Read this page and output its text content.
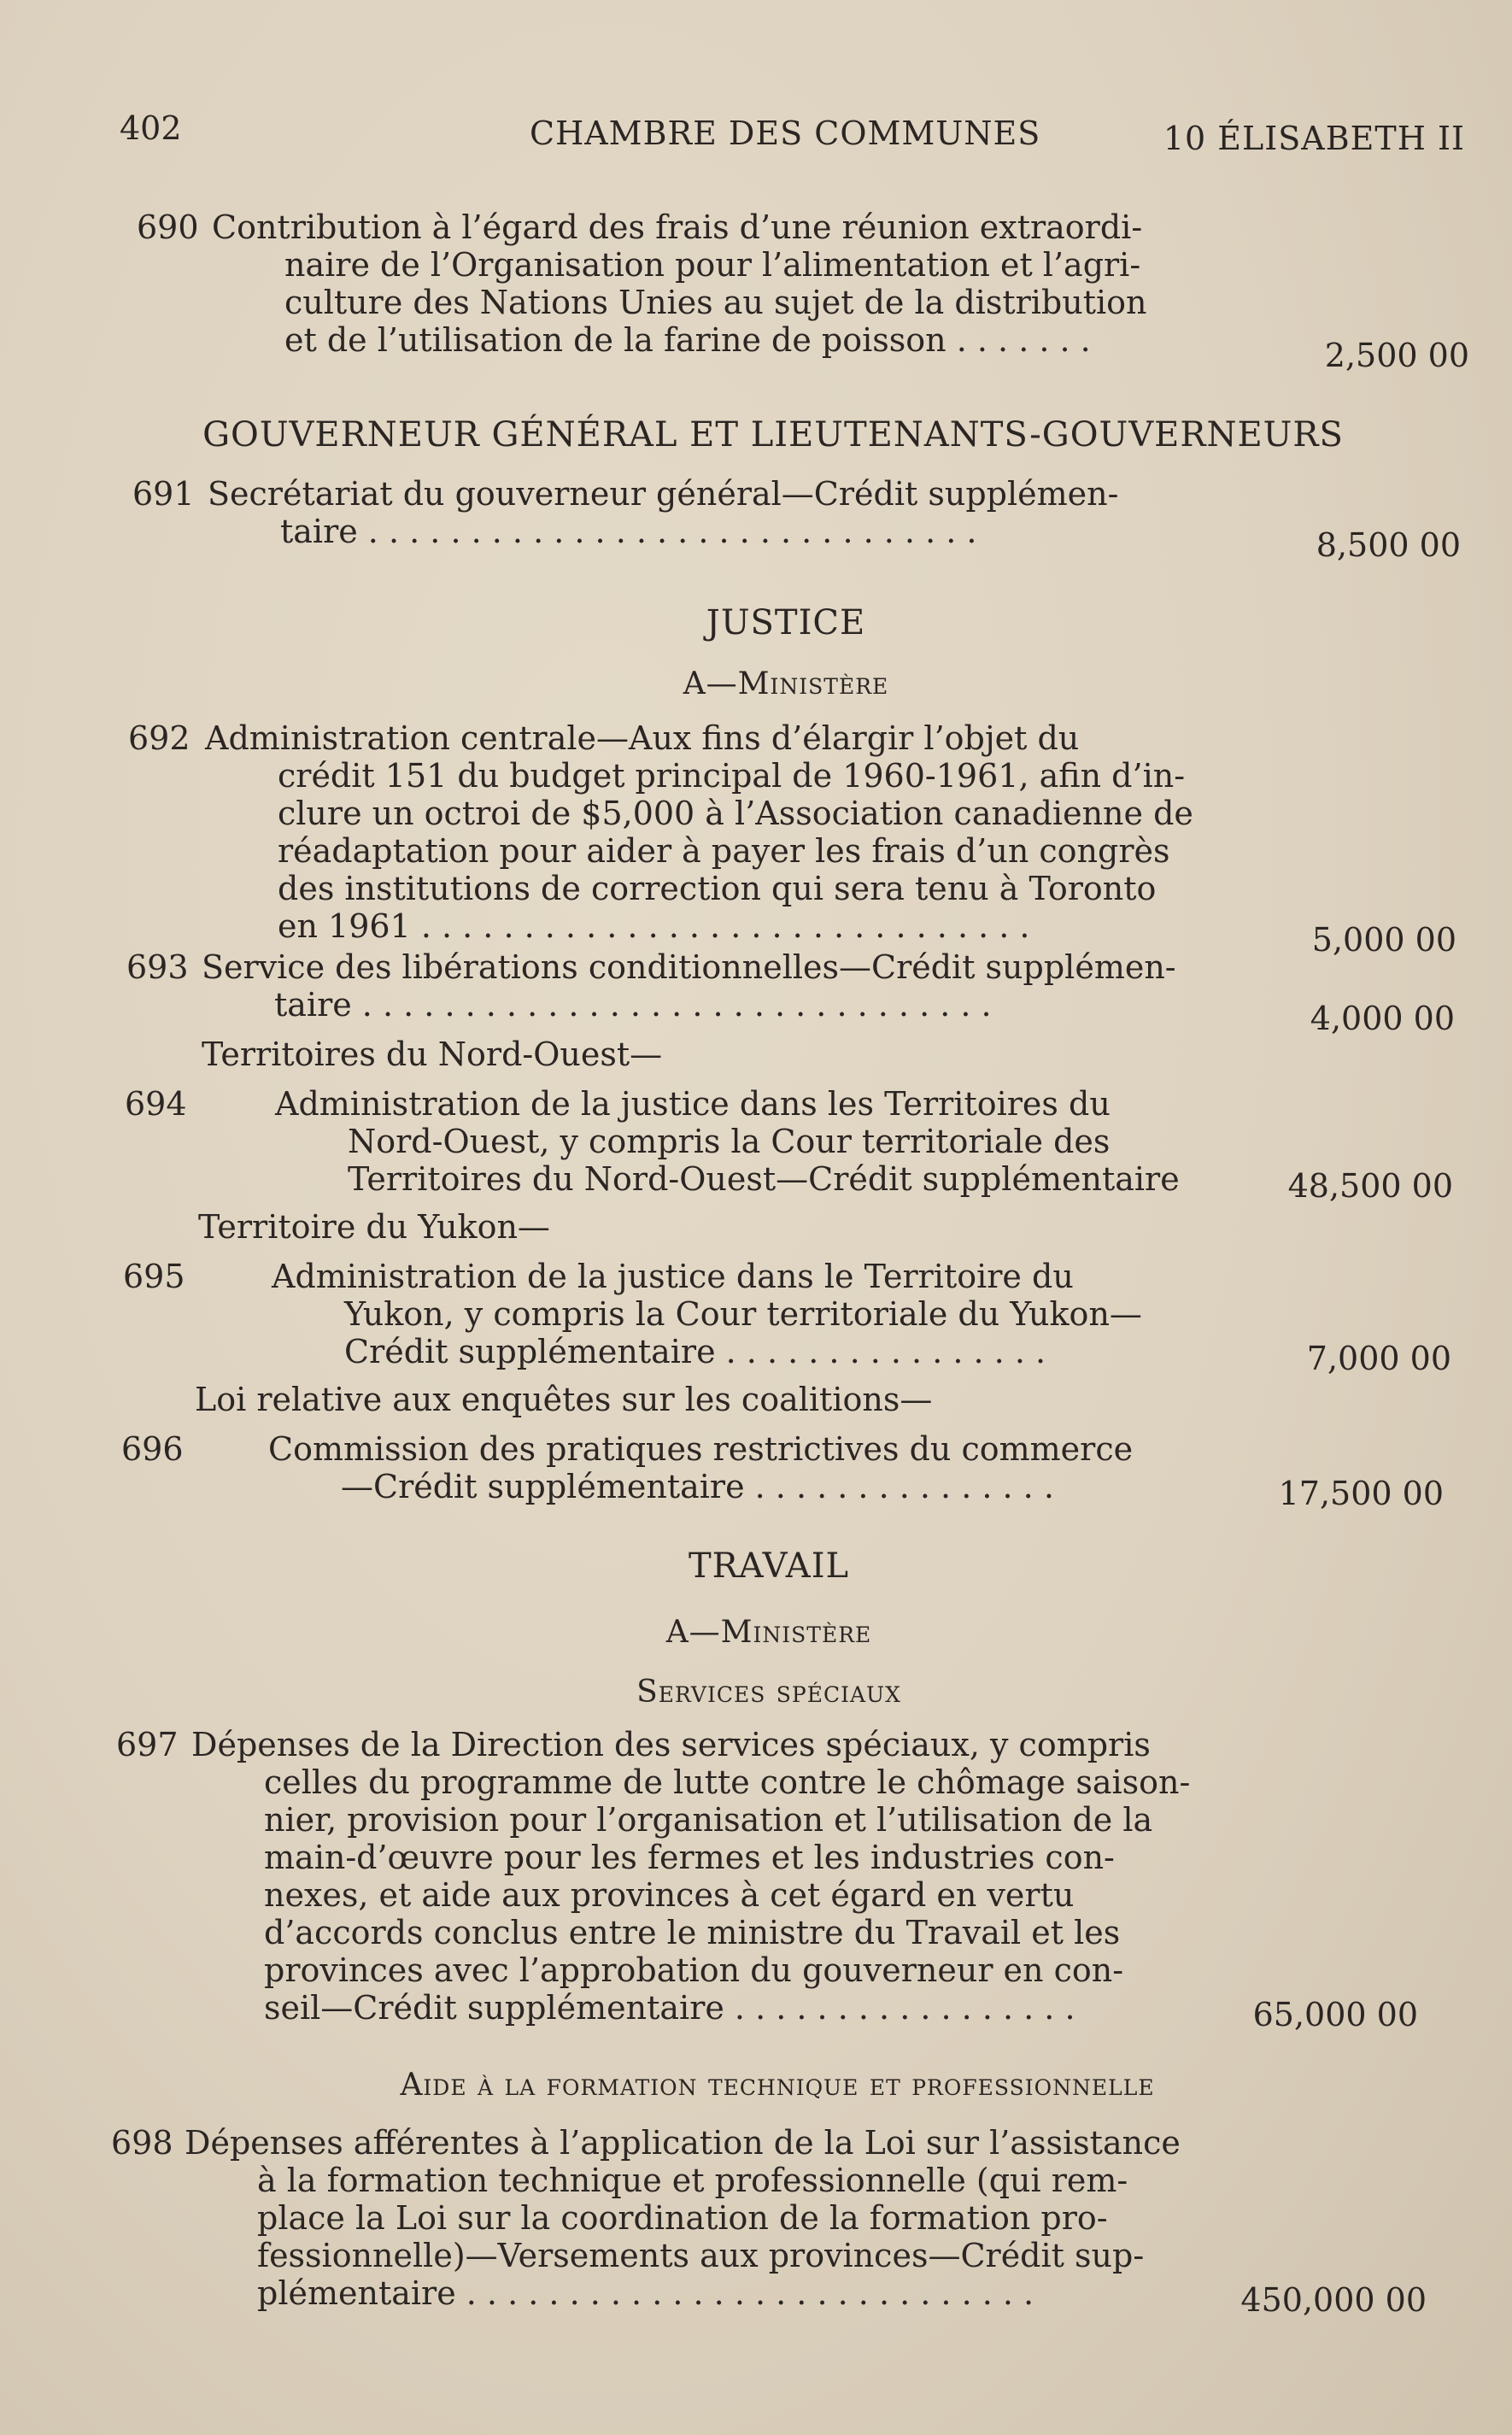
402	CHAMBRE DES COMMUNES	10 ÉLISABETH II
690 Contribution à l’égard des frais d’une réunion extraordi-
naire de l’Organisation pour l’alimentation et l’agri-
culture des Nations Unies au sujet de la distribution
et de l’utilisation de la farine de poisson . . . . . . .	2,500 00
GOUVERNEUR GÉNÉRAL ET LIEUTENANTS-GOUVERNEURS
691 Secrétariat du gouverneur général—Crédit supplémen-
taire . . . . . . . . . . . . . . . . . . . . . . . . . . . . . .	8,500 00
JUSTICE
A—Ministère
692 Administration centrale—Aux fins d’élargir l’objet du
crédit 151 du budget principal de 1960-1961, afin d’in-
clure un octroi de $5,000 à l’Association canadienne de
réadaptation pour aider à payer les frais d’un congrès
des institutions de correction qui sera tenu à Toronto
en 1961 . . . . . . . . . . . . . . . . . . . . . . . . . . . . . .	5,000 00
693 Service des libérations conditionnelles—Crédit supplémen-
taire . . . . . . . . . . . . . . . . . . . . . . . . . . . . . . .	4,000 00
Territoires du Nord-Ouest—
694	Administration de la justice dans les Territoires du
Nord-Ouest, y compris la Cour territoriale des
Territoires du Nord-Ouest—Crédit supplémentaire	48,500 00
Territoire du Yukon—
695	Administration de la justice dans le Territoire du
Yukon, y compris la Cour territoriale du Yukon—
Crédit supplémentaire . . . . . . . . . . . . . . . .	7,000 00
Loi relative aux enquêtes sur les coalitions—
696	Commission des pratiques restrictives du commerce
—Crédit supplémentaire . . . . . . . . . . . . . . .	17,500 00
TRAVAIL
A—Ministère
Services spéciaux
697 Dépenses de la Direction des services spéciaux, y compris
celles du programme de lutte contre le chômage saison-
nier, provision pour l’organisation et l’utilisation de la
main-d’œuvre pour les fermes et les industries con-
nexes, et aide aux provinces à cet égard en vertu
d’accords conclus entre le ministre du Travail et les
provinces avec l’approbation du gouverneur en con-
seil—Crédit supplémentaire . . . . . . . . . . . . . . . . .	65,000 00
Aide à la formation technique et professionnelle
698 Dépenses afférentes à l’application de la Loi sur l’assistance
à la formation technique et professionnelle (qui rem-
place la Loi sur la coordination de la formation pro-
fessionnelle)—Versements aux provinces—Crédit sup-
plémentaire . . . . . . . . . . . . . . . . . . . . . . . . . . . .	450,000 00
